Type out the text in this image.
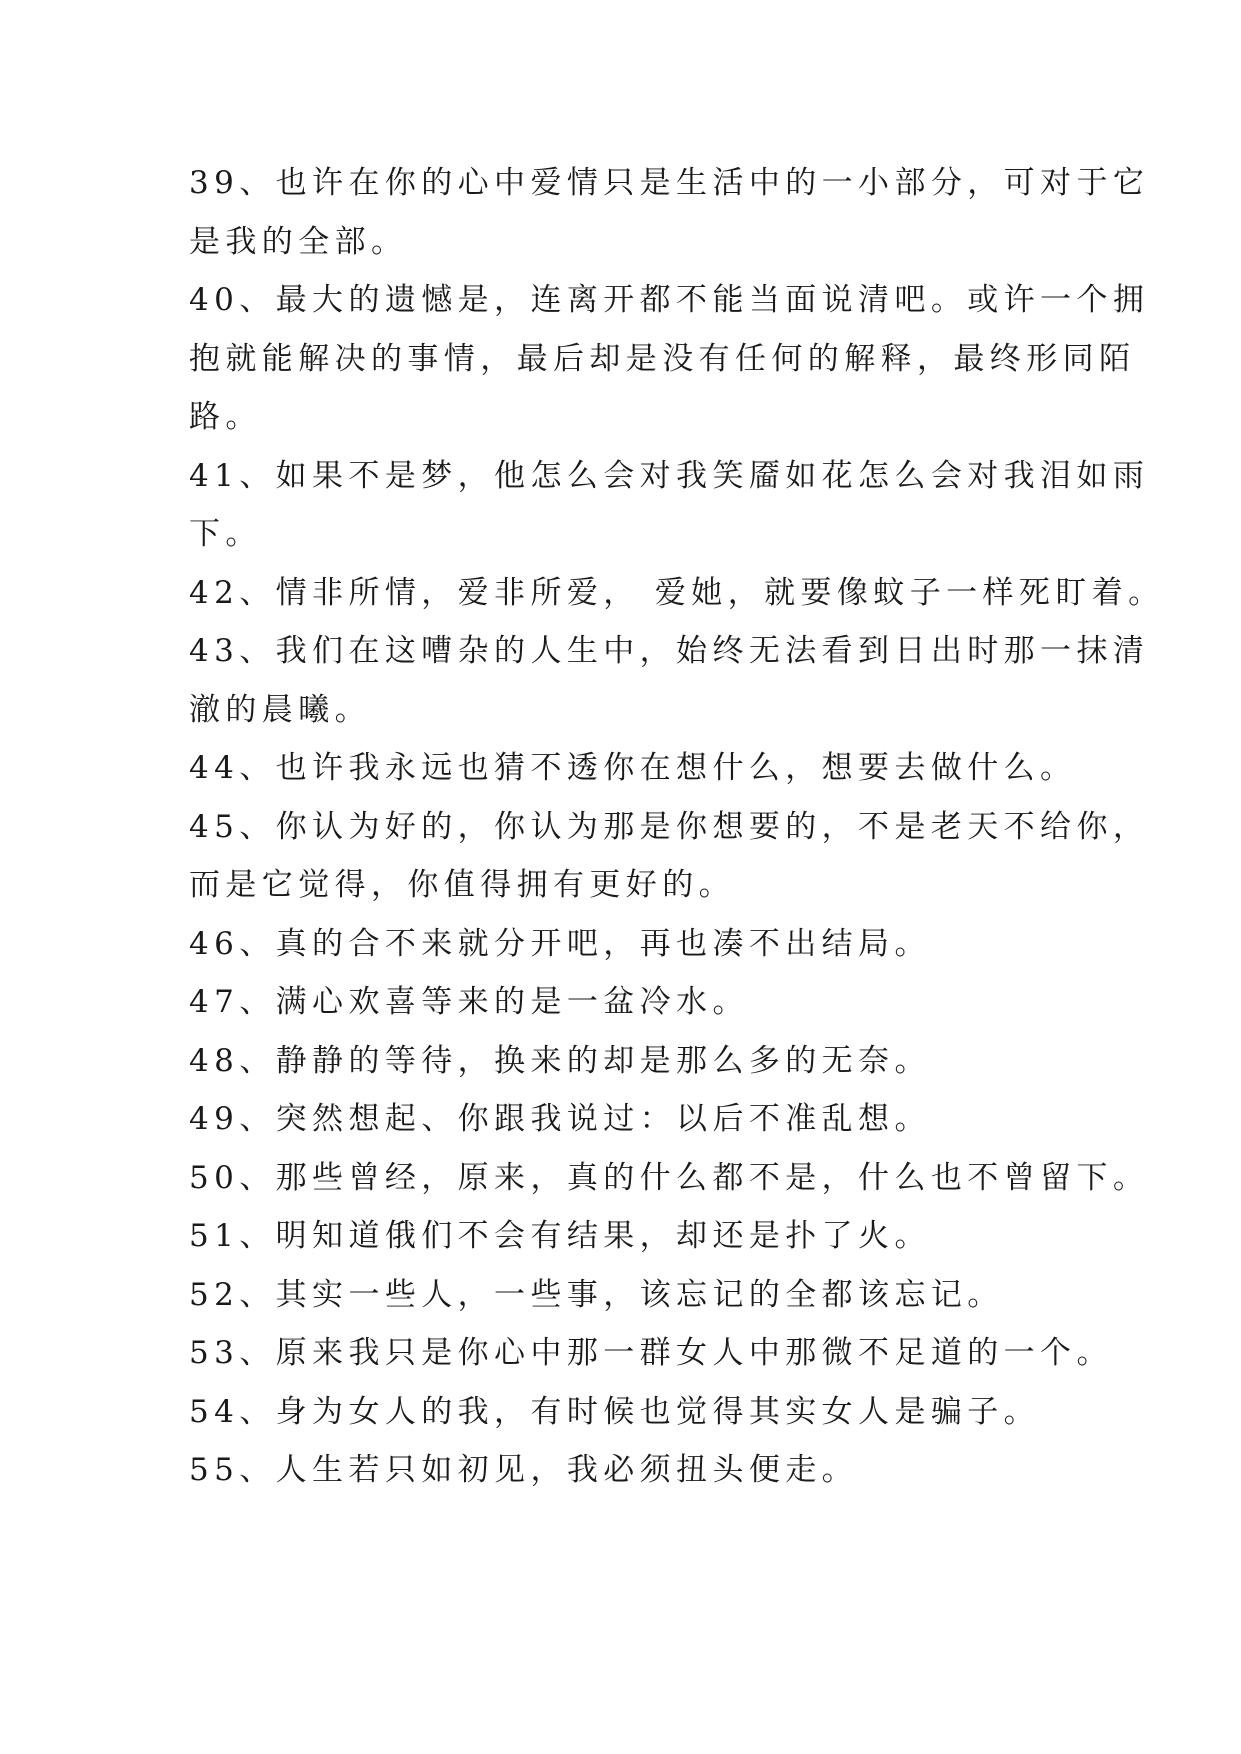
39、也许在你的心中爱情只是生活中的一小部分，可对于它
是我的全部。

40、最大的遗憾是，连离开都不能当面说清吧。或许一个拥
抱就能解决的事情，最后却是没有任何的解释，最终形同陌
路。

41、如果不是梦，他怎么会对我笑靥如花怎么会对我泪如雨
下。

42、情非所情，爱非所爱， 爱她，就要像蚊子一样死盯着。

43、我们在这嘈杂的人生中，始终无法看到日出时那一抹清
澈的晨曦。

44、也许我永远也猜不透你在想什么，想要去做什么。

45、你认为好的，你认为那是你想要的，不是老天不给你，
而是它觉得，你值得拥有更好的。

46、真的合不来就分开吧，再也凑不出结局。

47、满心欢喜等来的是一盆冷水。

48、静静的等待，换来的却是那么多的无奈。

49、突然想起、你跟我说过：以后不准乱想。

50、那些曾经，原来，真的什么都不是，什么也不曾留下。

51、明知道俄们不会有结果，却还是扑了火。

52、其实一些人，一些事，该忘记的全都该忘记。

53、原来我只是你心中那一群女人中那微不足道的一个。

54、身为女人的我，有时候也觉得其实女人是骗子。

55、人生若只如初见，我必须扭头便走。
